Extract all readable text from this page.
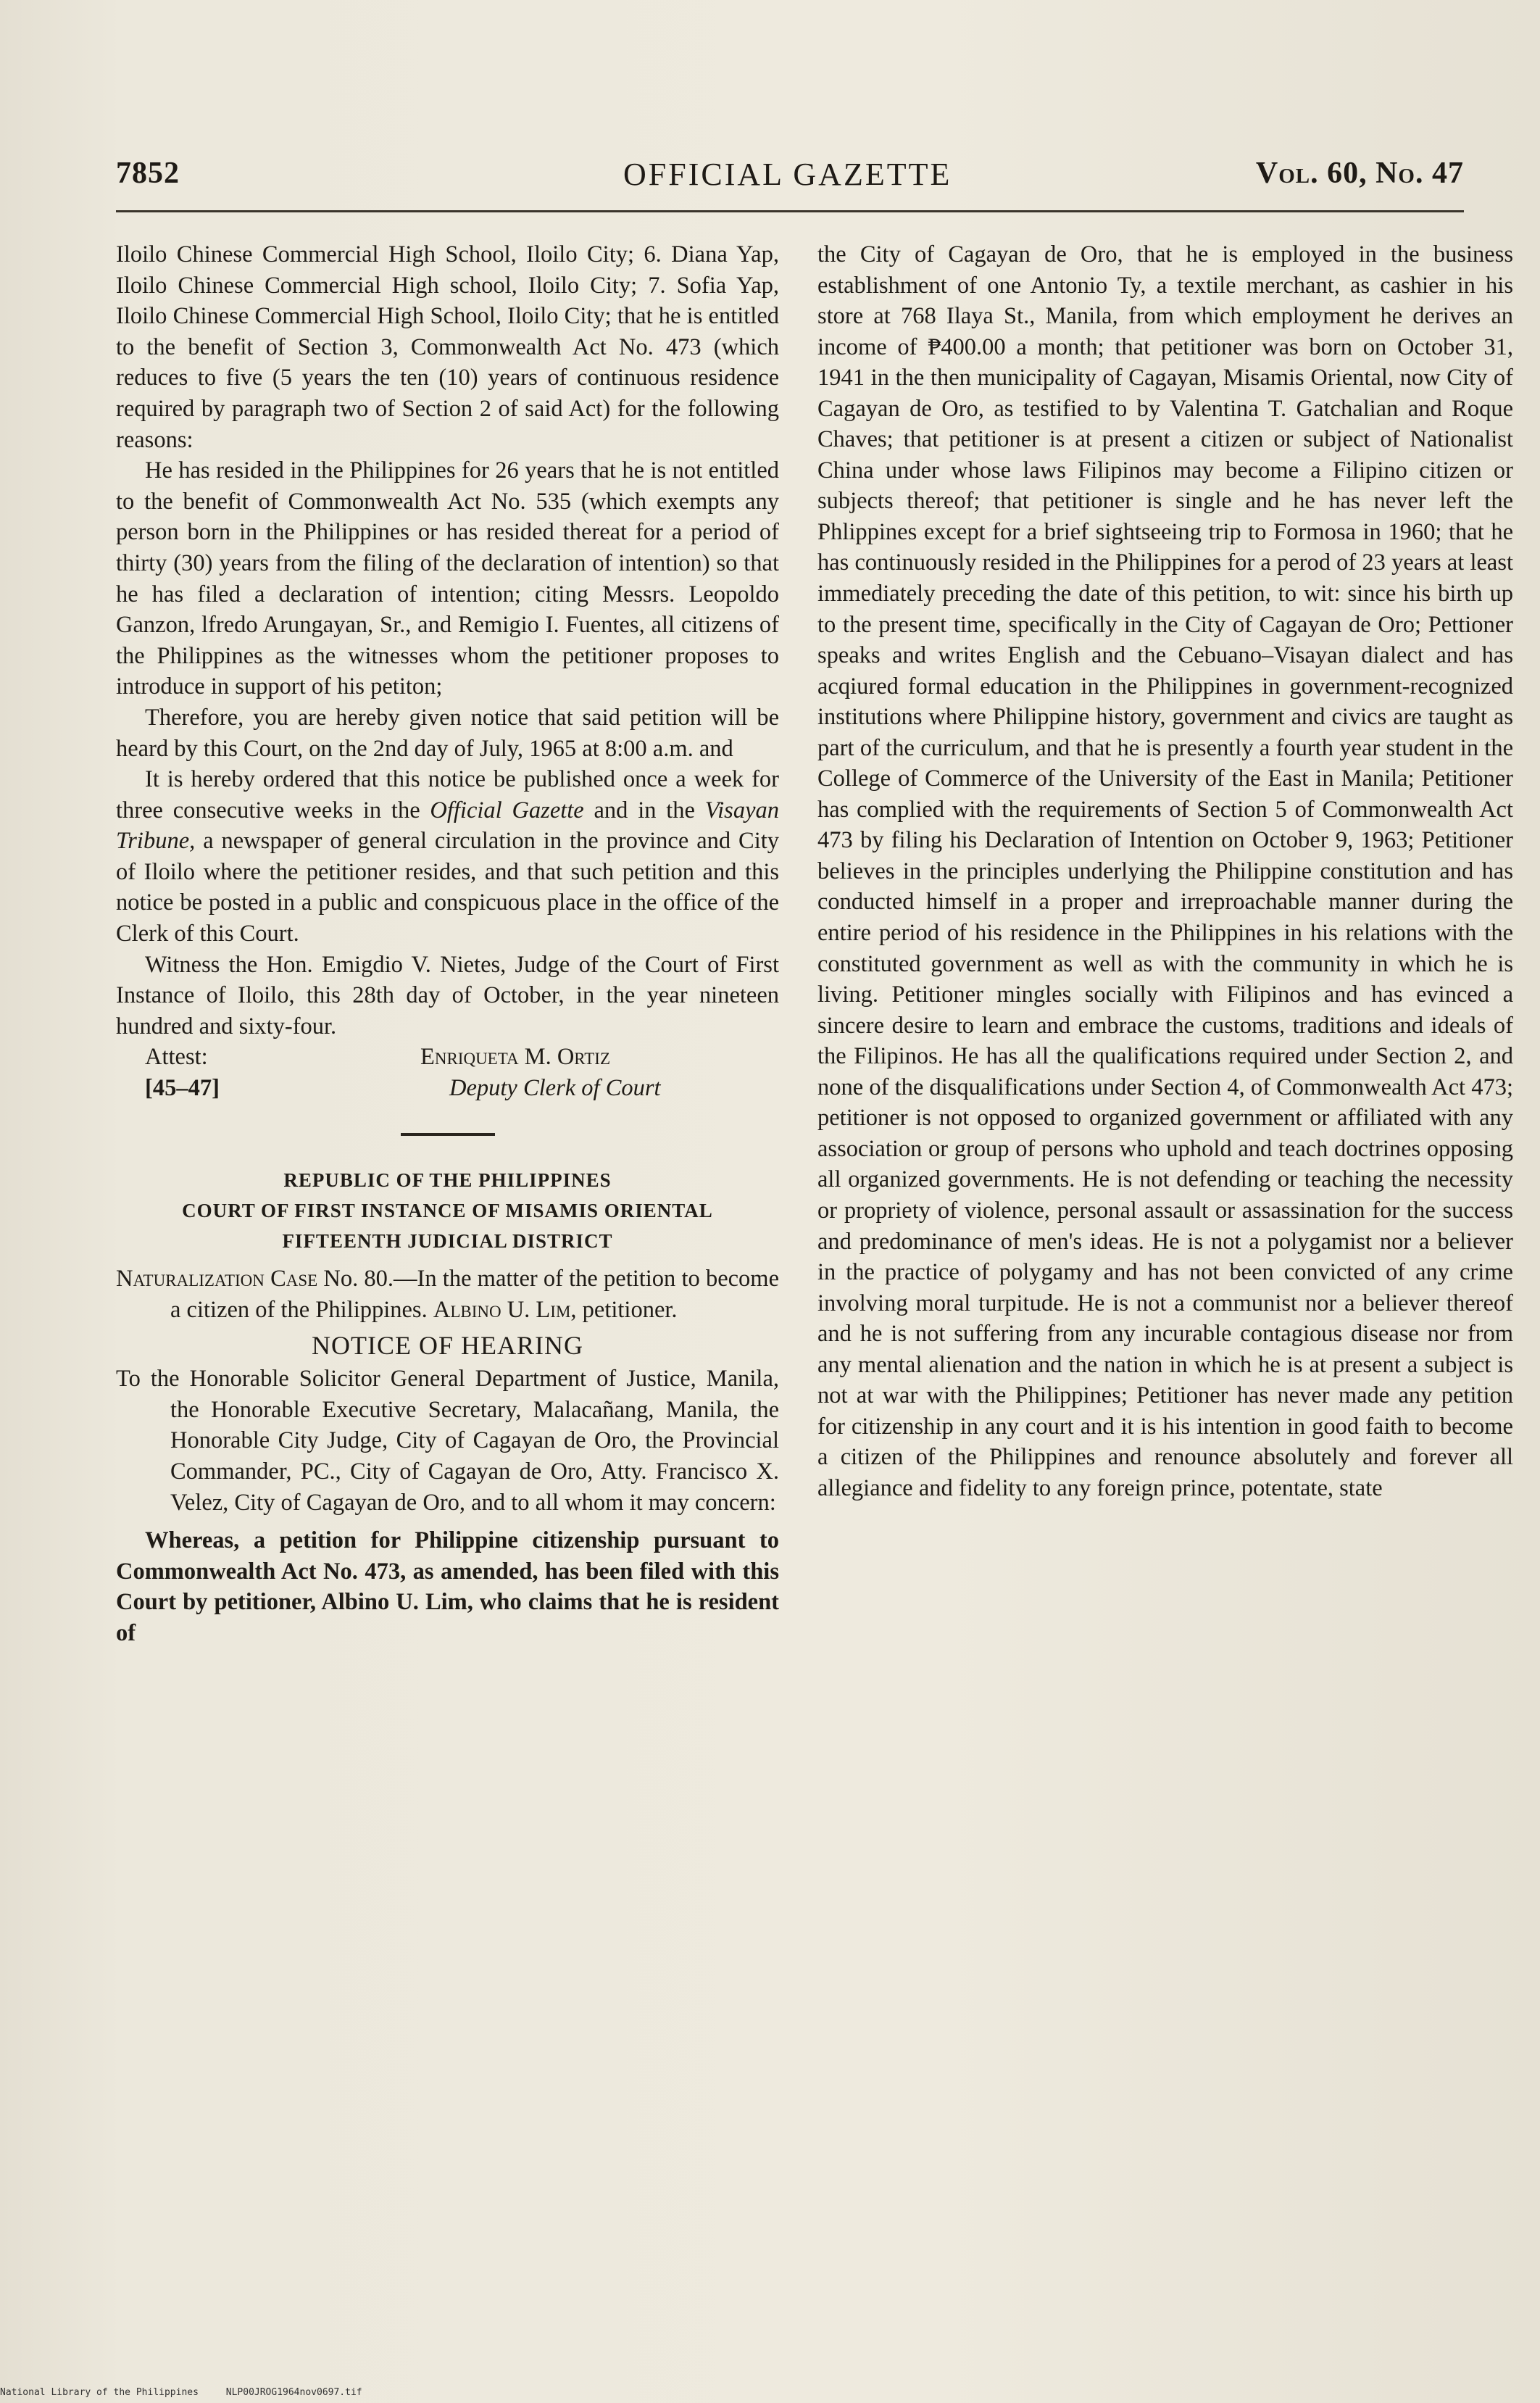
7852	OFFICIAL GAZETTE	Vol. 60, No. 47

Iloilo Chinese Commercial High School, Iloilo City; 6. Diana Yap, Iloilo Chinese Commercial High school, Iloilo City; 7. Sofia Yap, Iloilo Chinese Commercial High School, Iloilo City; that he is entitled to the benefit of Section 3, Commonwealth Act No. 473 (which reduces to five (5 years the ten (10) years of continuous residence required by paragraph two of Section 2 of said Act) for the following reasons:

He has resided in the Philippines for 26 years that he is not entitled to the benefit of Commonwealth Act No. 535 (which exempts any person born in the Philippines or has resided thereat for a period of thirty (30) years from the filing of the declaration of intention) so that he has filed a declaration of intention; citing Messrs. Leopoldo Ganzon, lfredo Arungayan, Sr., and Remigio I. Fuentes, all citizens of the Philippines as the witnesses whom the petitioner proposes to introduce in support of his petiton;

Therefore, you are hereby given notice that said petition will be heard by this Court, on the 2nd day of July, 1965 at 8:00 a.m. and

It is hereby ordered that this notice be published once a week for three consecutive weeks in the Official Gazette and in the Visayan Tribune, a newspaper of general circulation in the province and City of Iloilo where the petitioner resides, and that such petition and this notice be posted in a public and conspicuous place in the office of the Clerk of this Court.

Witness the Hon. Emigdio V. Nietes, Judge of the Court of First Instance of Iloilo, this 28th day of October, in the year nineteen hundred and sixty-four.

Attest:	Enriqueta M. Ortiz
[45–47]	Deputy Clerk of Court
REPUBLIC OF THE PHILIPPINES
COURT OF FIRST INSTANCE OF MISAMIS ORIENTAL
FIFTEENTH JUDICIAL DISTRICT

Naturalization Case No. 80.—In the matter of the petition to become a citizen of the Philippines. Albino U. Lim, petitioner.

NOTICE OF HEARING

To the Honorable Solicitor General Department of Justice, Manila, the Honorable Executive Secretary, Malacañang, Manila, the Honorable City Judge, City of Cagayan de Oro, the Provincial Commander, PC., City of Cagayan de Oro, Atty. Francisco X. Velez, City of Cagayan de Oro, and to all whom it may concern:

Whereas, a petition for Philippine citizenship pursuant to Commonwealth Act No. 473, as amended, has been filed with this Court by petitioner, Albino U. Lim, who claims that he is resident of

the City of Cagayan de Oro, that he is employed in the business establishment of one Antonio Ty, a textile merchant, as cashier in his store at 768 Ilaya St., Manila, from which employment he derives an income of ₱400.00 a month; that petitioner was born on October 31, 1941 in the then municipality of Cagayan, Misamis Oriental, now City of Cagayan de Oro, as testified to by Valentina T. Gatchalian and Roque Chaves; that petitioner is at present a citizen or subject of Nationalist China under whose laws Filipinos may become a Filipino citizen or subjects thereof; that petitioner is single and he has never left the Phlippines except for a brief sightseeing trip to Formosa in 1960; that he has continuously resided in the Philippines for a perod of 23 years at least immediately preceding the date of this petition, to wit: since his birth up to the present time, specifically in the City of Cagayan de Oro; Pettioner speaks and writes English and the Cebuano–Visayan dialect and has acqiured formal education in the Philippines in government-recognized institutions where Philippine history, government and civics are taught as part of the curriculum, and that he is presently a fourth year student in the College of Commerce of the University of the East in Manila; Petitioner has complied with the requirements of Section 5 of Commonwealth Act 473 by filing his Declaration of Intention on October 9, 1963; Petitioner believes in the principles underlying the Philippine constitution and has conducted himself in a proper and irreproachable manner during the entire period of his residence in the Philippines in his relations with the constituted government as well as with the community in which he is living. Petitioner mingles socially with Filipinos and has evinced a sincere desire to learn and embrace the customs, traditions and ideals of the Filipinos. He has all the qualifications required under Section 2, and none of the disqualifications under Section 4, of Commonwealth Act 473; petitioner is not opposed to organized government or affiliated with any association or group of persons who uphold and teach doctrines opposing all organized governments. He is not defending or teaching the necessity or propriety of violence, personal assault or assassination for the success and predominance of men's ideas. He is not a polygamist nor a believer in the practice of polygamy and has not been convicted of any crime involving moral turpitude. He is not a communist nor a believer thereof and he is not suffering from any incurable contagious disease nor from any mental alienation and the nation in which he is at present a subject is not at war with the Philippines; Petitioner has never made any petition for citizenship in any court and it is his intention in good faith to become a citizen of the Philippines and renounce absolutely and forever all allegiance and fidelity to any foreign prince, potentate, state

National Library of the Philippines	NLP00JROG1964nov0697.tif
